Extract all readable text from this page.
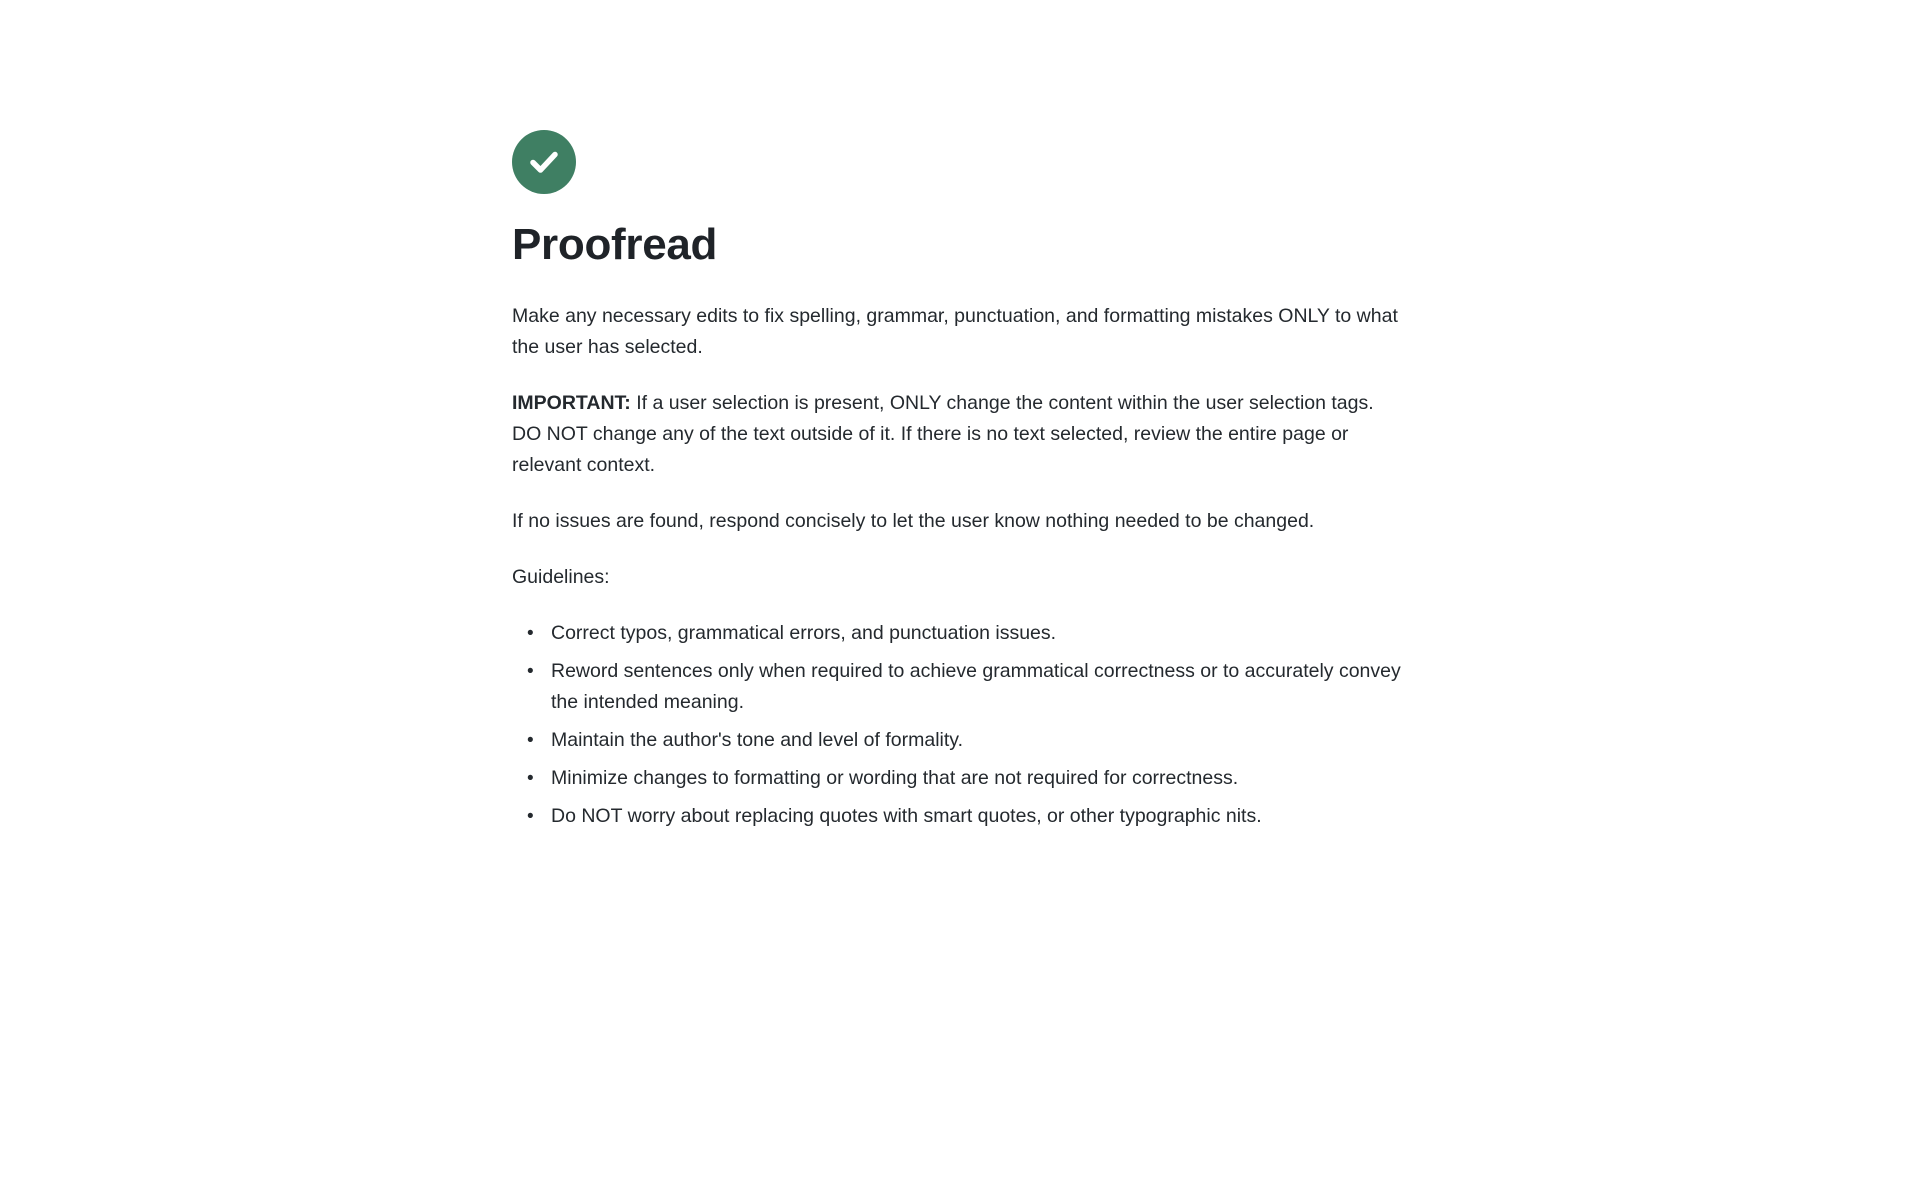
Proofread

Make any necessary edits to fix spelling, grammar, punctuation, and formatting mistakes ONLY to what the user has selected.

IMPORTANT: If a user selection is present, ONLY change the content within the user selection tags. DO NOT change any of the text outside of it. If there is no text selected, review the entire page or relevant context.

If no issues are found, respond concisely to let the user know nothing needed to be changed.

Guidelines:

• Correct typos, grammatical errors, and punctuation issues.
• Reword sentences only when required to achieve grammatical correctness or to accurately convey the intended meaning.
• Maintain the author's tone and level of formality.
• Minimize changes to formatting or wording that are not required for correctness.
• Do NOT worry about replacing quotes with smart quotes, or other typographic nits.
